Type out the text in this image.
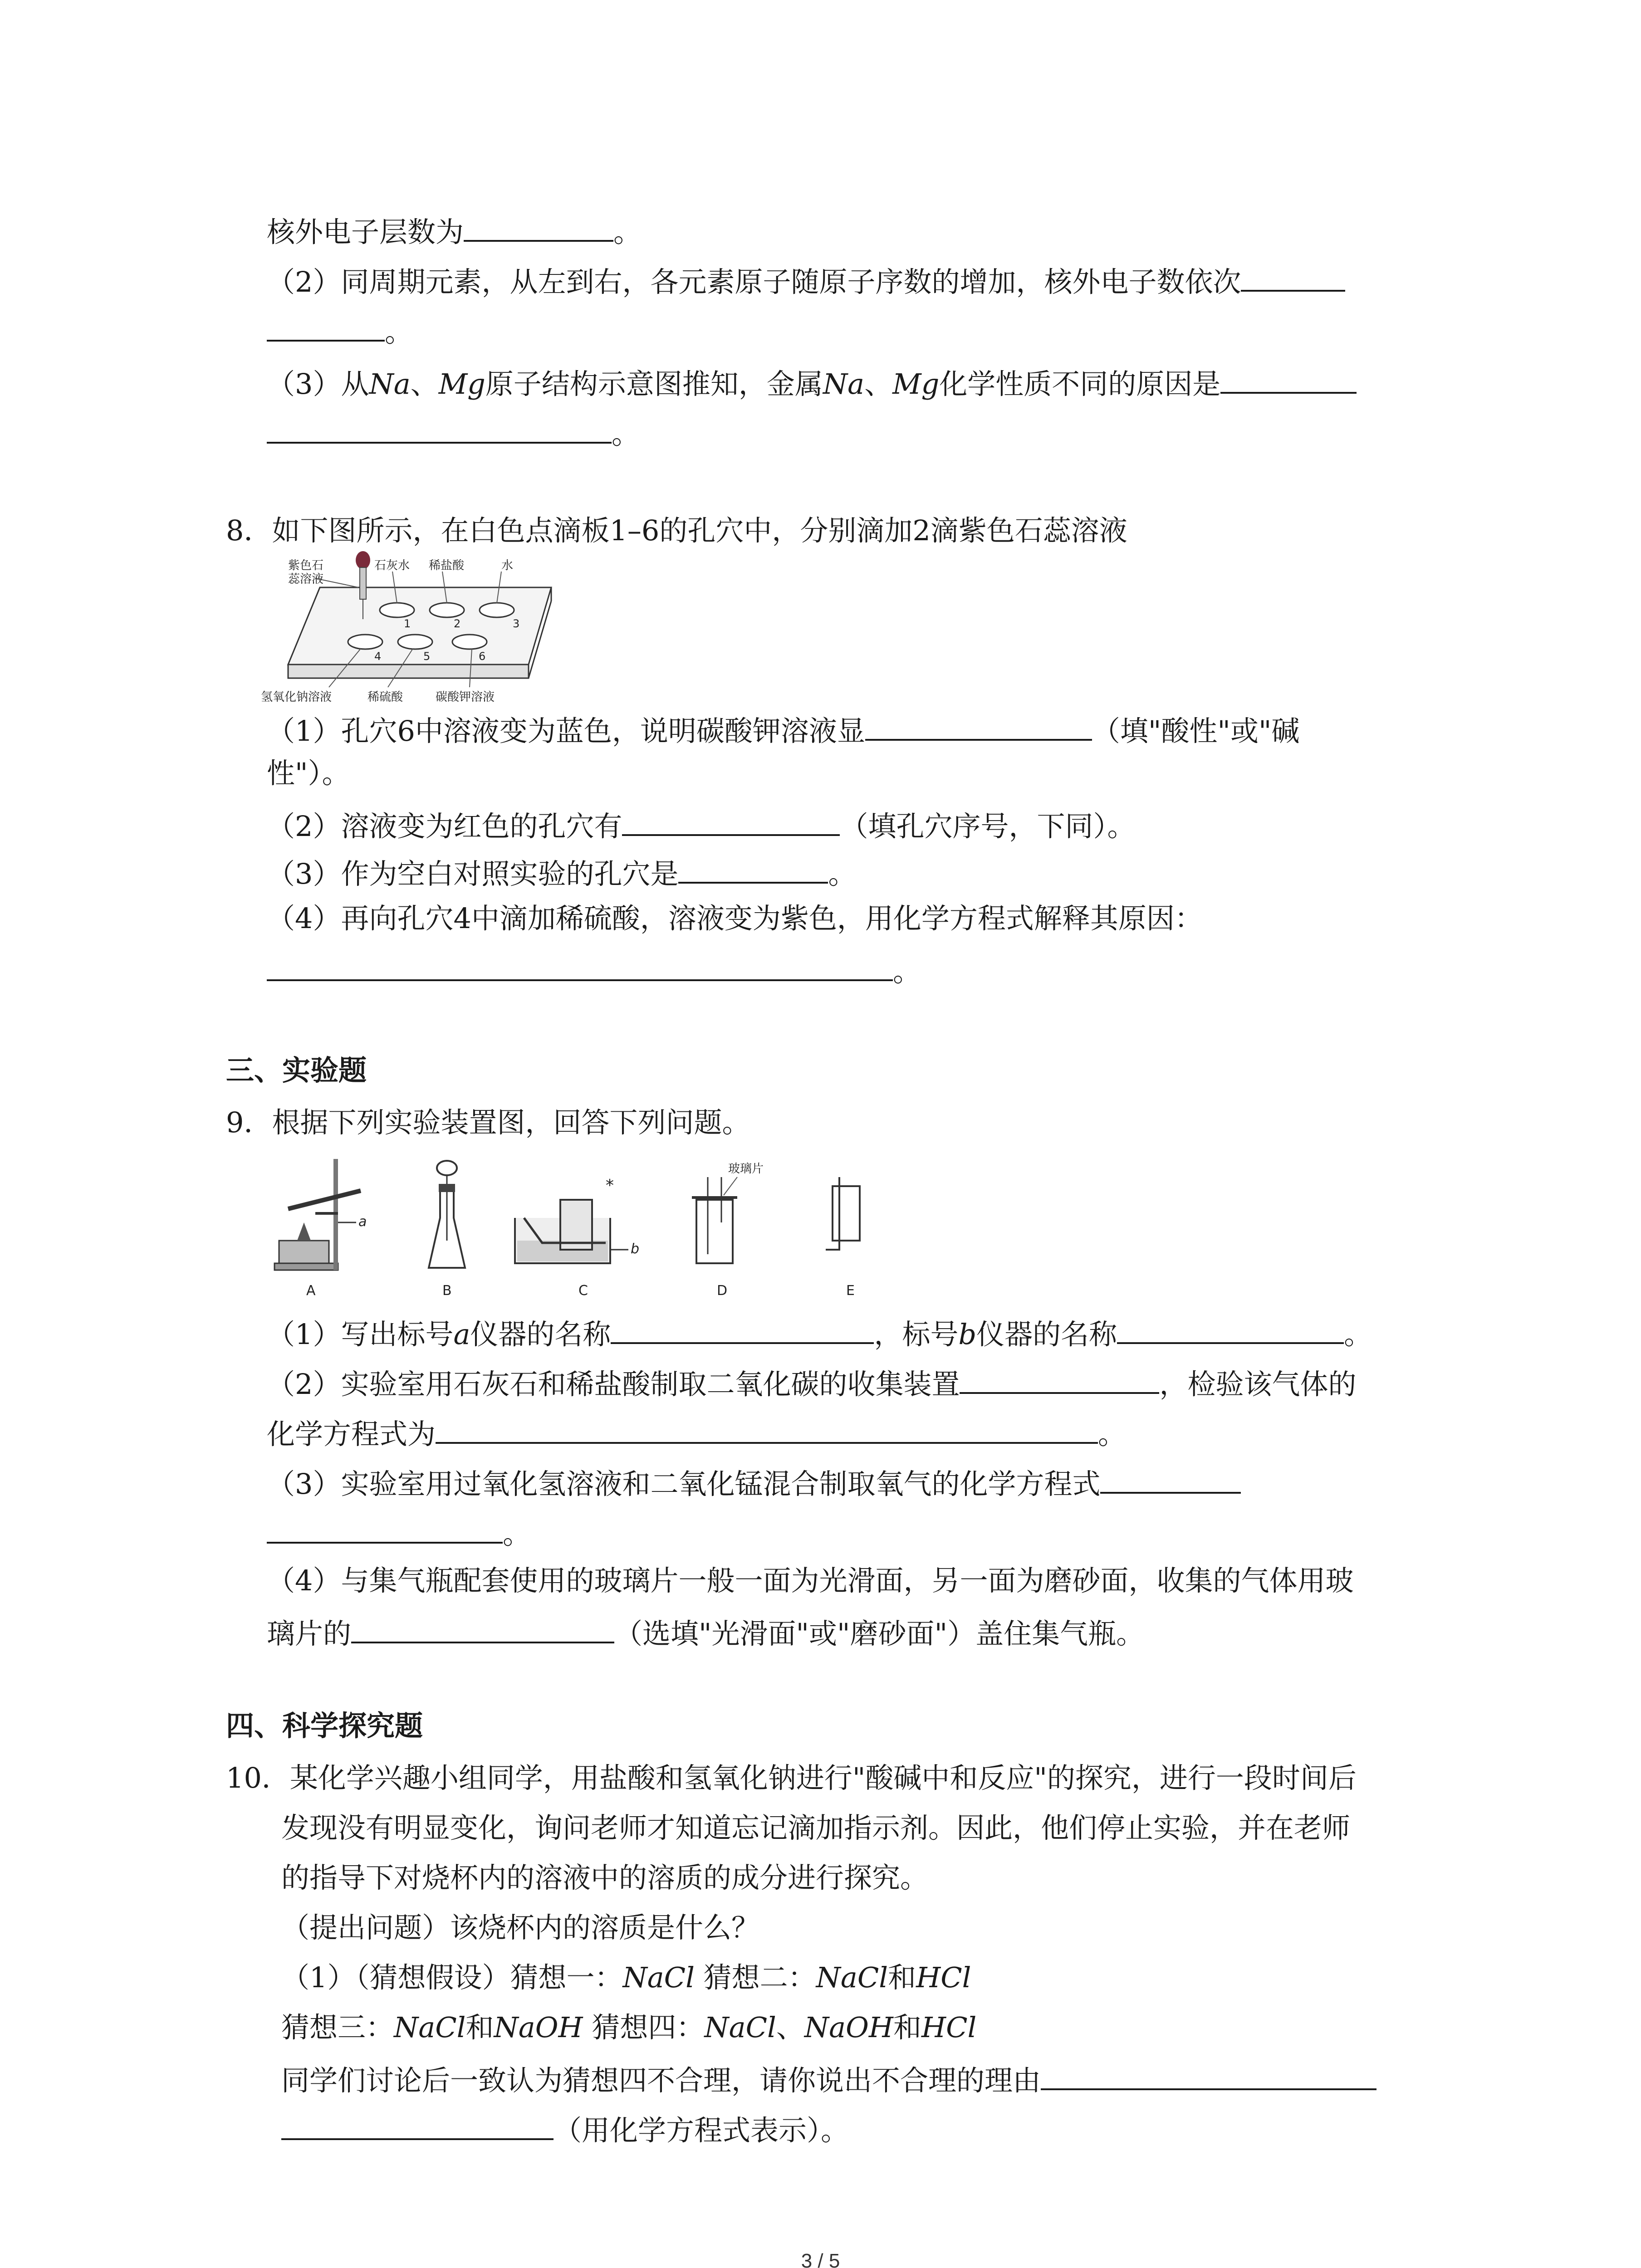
核外电子层数为	。
（2）同周期元素，从左到右，各元素原子随原子序数的增加，核外电子数依次
。
（3）从Na、Mg原子结构示意图推知，金属Na、Mg化学性质不同的原因是
。
8．如下图所示，在白色点滴板1–6的孔穴中，分别滴加2滴紫色石蕊溶液
紫色石
蕊溶液
石灰水 稀盐酸	水
氢氧化钠溶液	稀硫酸	碳酸钾溶液
1	2	3
4	5	6
（1）孔穴6中溶液变为蓝色，说明碳酸钾溶液显	（填"酸性"或"碱
性"）。
（2）溶液变为红色的孔穴有	（填孔穴序号，下同）。
（3）作为空白对照实验的孔穴是	。
（4）再向孔穴4中滴加稀硫酸，溶液变为紫色，用化学方程式解释其原因：
。
三、实验题
9．根据下列实验装置图，回答下列问题。
a
b
*
玻璃片
A	B	C	D	E
（1）写出标号a仪器的名称	，标号b仪器的名称	。
（2）实验室用石灰石和稀盐酸制取二氧化碳的收集装置	，检验该气体的
化学方程式为	。
（3）实验室用过氧化氢溶液和二氧化锰混合制取氧气的化学方程式
。
（4）与集气瓶配套使用的玻璃片一般一面为光滑面，另一面为磨砂面，收集的气体用玻
璃片的	（选填"光滑面"或"磨砂面"）盖住集气瓶。
四、科学探究题
10．某化学兴趣小组同学，用盐酸和氢氧化钠进行"酸碱中和反应"的探究，进行一段时间后
发现没有明显变化，询问老师才知道忘记滴加指示剂。因此，他们停止实验，并在老师
的指导下对烧杯内的溶液中的溶质的成分进行探究。
（提出问题）该烧杯内的溶质是什么？
（1）（猜想假设）猜想一：NaCl 猜想二：NaCl和HCl
猜想三：NaCl和NaOH 猜想四：NaCl、NaOH和HCl
同学们讨论后一致认为猜想四不合理，请你说出不合理的理由
（用化学方程式表示）。
3 / 5
